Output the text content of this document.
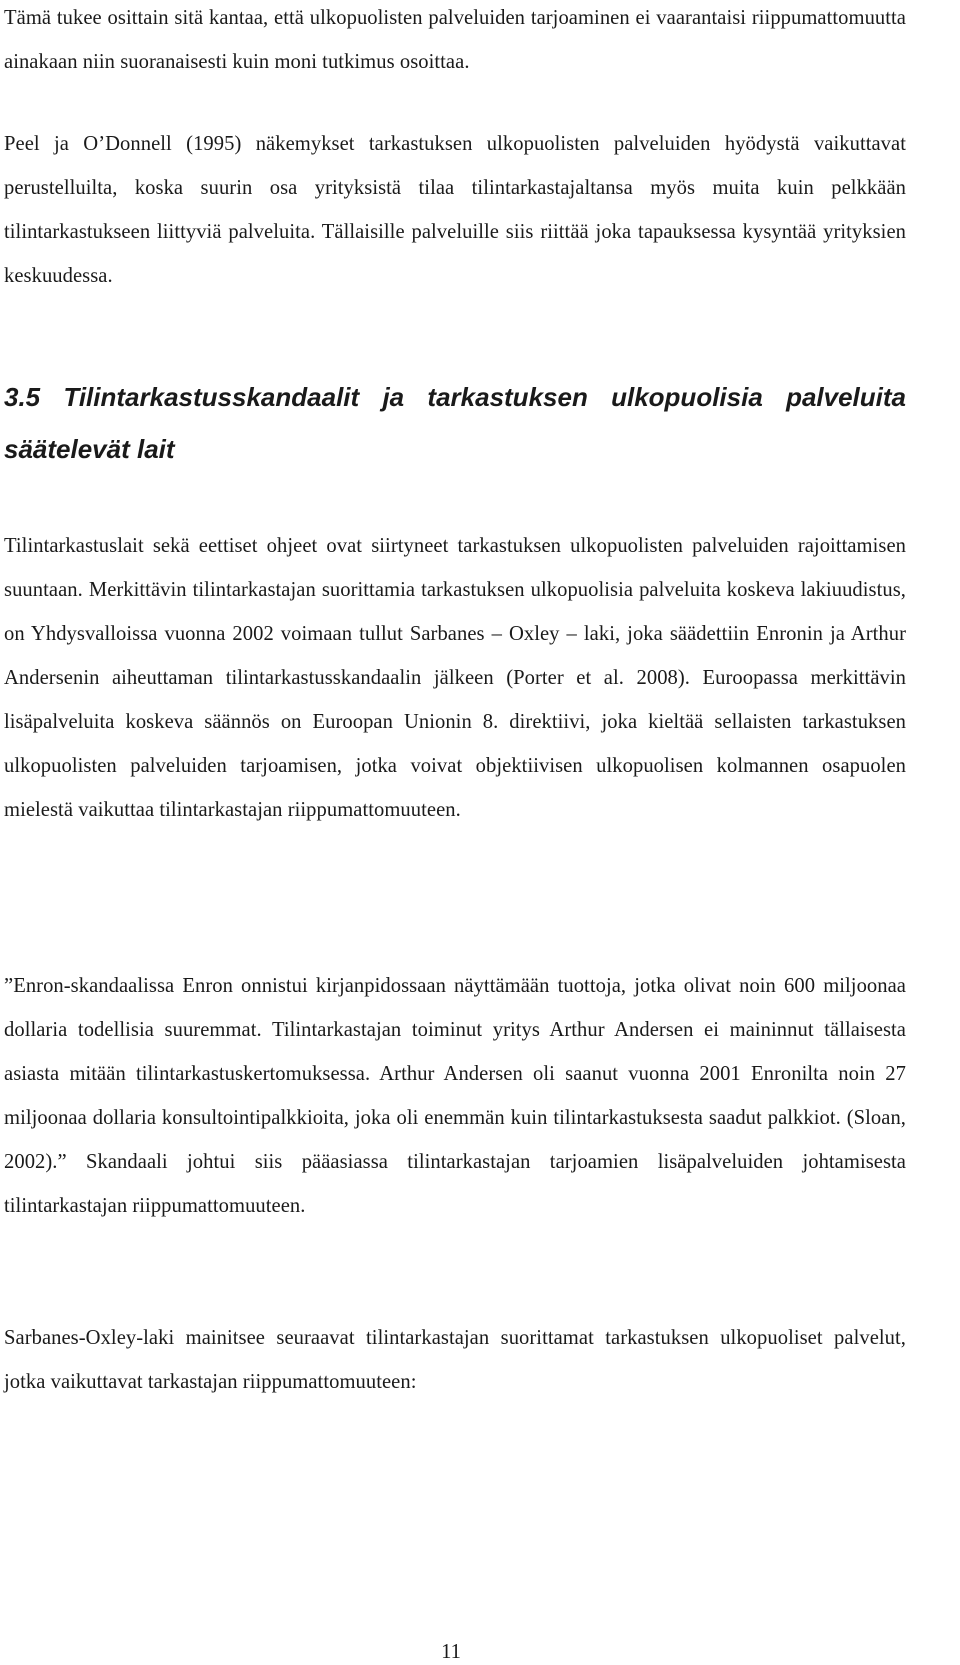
Tämä tukee osittain sitä kantaa, että ulkopuolisten palveluiden tarjoaminen ei vaarantaisi riippumattomuutta ainakaan niin suoranaisesti kuin moni tutkimus osoittaa.

Peel ja O’Donnell (1995) näkemykset tarkastuksen ulkopuolisten palveluiden hyödystä vaikuttavat perustelluilta, koska suurin osa yrityksistä tilaa tilintarkastajaltansa myös muita kuin pelkkään tilintarkastukseen liittyviä palveluita. Tällaisille palveluille siis riittää joka tapauksessa kysyntää yrityksien keskuudessa.

3.5 Tilintarkastusskandaalit ja tarkastuksen ulkopuolisia palveluita säätelevät lait

Tilintarkastuslait sekä eettiset ohjeet ovat siirtyneet tarkastuksen ulkopuolisten palveluiden rajoittamisen suuntaan. Merkittävin tilintarkastajan suorittamia tarkastuksen ulkopuolisia palveluita koskeva lakiuudistus, on Yhdysvalloissa vuonna 2002 voimaan tullut Sarbanes – Oxley – laki, joka säädettiin Enronin ja Arthur Andersenin aiheuttaman tilintarkastusskandaalin jälkeen (Porter et al. 2008). Euroopassa merkittävin lisäpalveluita koskeva säännös on Euroopan Unionin 8. direktiivi, joka kieltää sellaisten tarkastuksen ulkopuolisten palveluiden tarjoamisen, jotka voivat objektiivisen ulkopuolisen kolmannen osapuolen mielestä vaikuttaa tilintarkastajan riippumattomuuteen.

”Enron-skandaalissa Enron onnistui kirjanpidossaan näyttämään tuottoja, jotka olivat noin 600 miljoonaa dollaria todellisia suuremmat. Tilintarkastajan toiminut yritys Arthur Andersen ei maininnut tällaisesta asiasta mitään tilintarkastuskertomuksessa. Arthur Andersen oli saanut vuonna 2001 Enronilta noin 27 miljoonaa dollaria konsultointipalkkioita, joka oli enemmän kuin tilintarkastuksesta saadut palkkiot. (Sloan, 2002).” Skandaali johtui siis pääasiassa tilintarkastajan tarjoamien lisäpalveluiden johtamisesta tilintarkastajan riippumattomuuteen.

Sarbanes-Oxley-laki mainitsee seuraavat tilintarkastajan suorittamat tarkastuksen ulkopuoliset palvelut, jotka vaikuttavat tarkastajan riippumattomuuteen:

11
